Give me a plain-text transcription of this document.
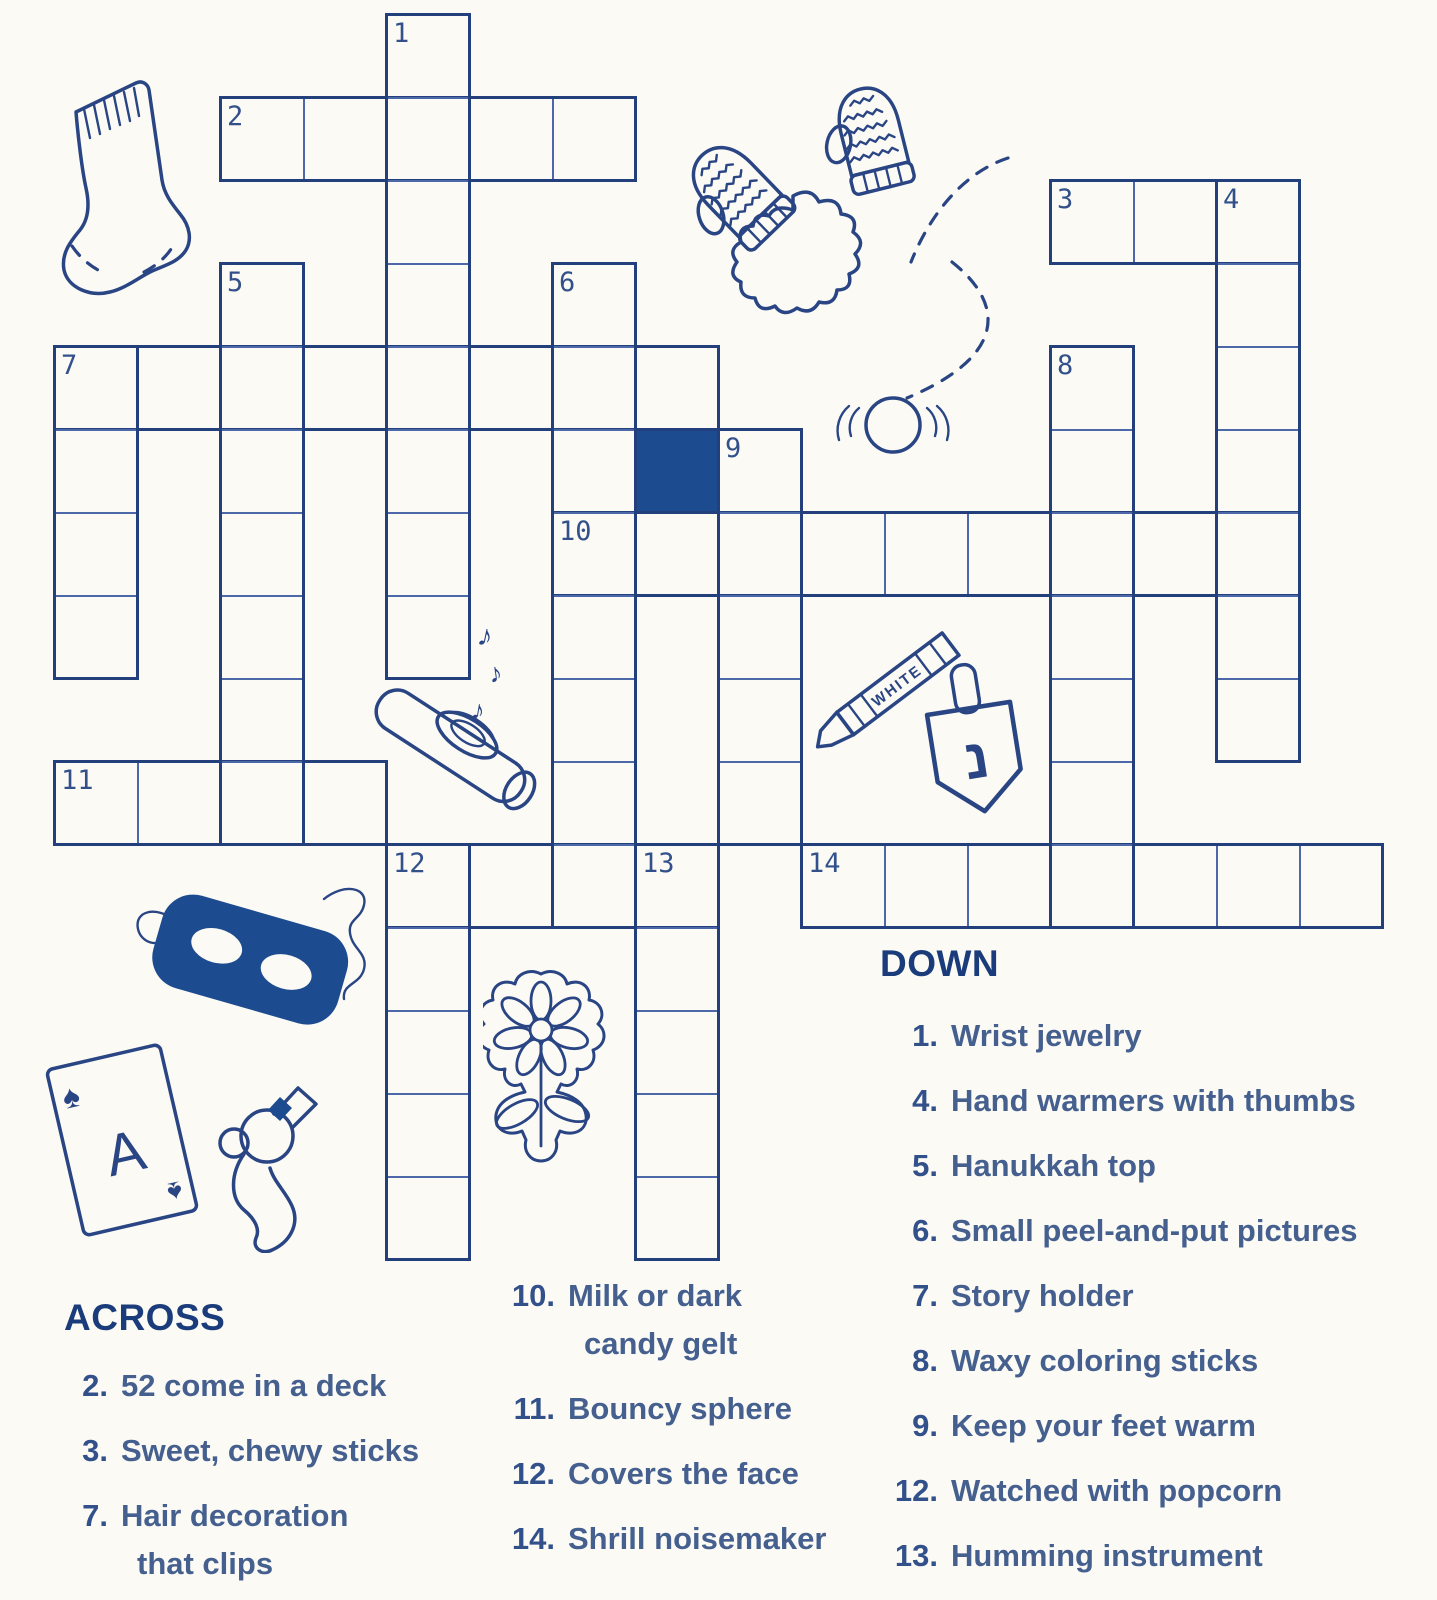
1
2
3	4
5	6
7	8
9
10
11
12	13	14
♪
♪
♪	WHITE
נ
♠
A
♠
ACROSS
2. 52 come in a deck
3. Sweet, chewy sticks
7. Hair decoration
that clips
10. Milk or dark
candy gelt
11. Bouncy sphere
12. Covers the face
14. Shrill noisemaker
DOWN
1. Wrist jewelry
4. Hand warmers with thumbs
5. Hanukkah top
6. Small peel-and-put pictures
7. Story holder
8. Waxy coloring sticks
9. Keep your feet warm
12. Watched with popcorn
13. Humming instrument
